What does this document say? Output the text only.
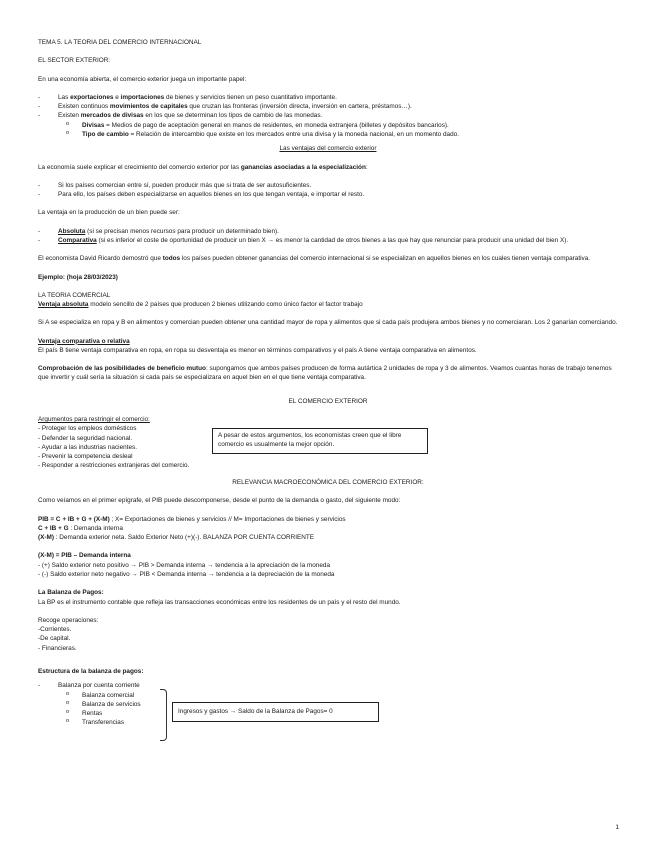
TEMA 5. LA TEORIA DEL COMERCIO INTERNACIONAL

EL SECTOR EXTERIOR:

En una economía abierta, el comercio exterior juega un importante papel:

- Las exportaciones e importaciones de bienes y servicios tienen un peso cuantitativo importante.
- Existen continuos movimientos de capitales que cruzan las fronteras (inversión directa, inversión en cartera, préstamos…).
- Existen mercados de divisas en los que se determinan los tipos de cambio de las monedas.
o Divisas = Medios de pago de aceptación general en manos de residentes, en moneda extranjera (billetes y depósitos bancarios).
o Tipo de cambio = Relación de intercambio que existe en los mercados entre una divisa y la moneda nacional, en un momento dado.

Las ventajas del comercio exterior

La economía suele explicar el crecimiento del comercio exterior por las ganancias asociadas a la especialización:

- Si los países comercian entre sí, pueden producir más que si trata de ser autosuficientes.
- Para ello, los países deben especializarse en aquellos bienes en los que tengan ventaja, e importar el resto.

La ventaja en la producción de un bien puede ser:

- Absoluta (si se precisan menos recursos para producir un determinado bien).
- Comparativa (si es inferior el coste de oportunidad de producir un bien X → es menor la cantidad de otros bienes a las que hay que renunciar para producir una unidad del bien X).

El economista David Ricardo demostró que todos los países pueden obtener ganancias del comercio internacional si se especializan en aquellos bienes en los cuales tienen ventaja comparativa.

Ejemplo: (hoja 28/03/2023)

LA TEORIA COMERCIAL

Ventaja absoluta modelo sencillo de 2 países que producen 2 bienes utilizando como único factor el factor trabajo

Si A se especializa en ropa y B en alimentos y comercian pueden obtener una cantidad mayor de ropa y alimentos que si cada país produjera ambos bienes y no comerciaran. Los 2 ganarían comerciando.

Ventaja comparativa o relativa

El país B tiene ventaja comparativa en ropa, en ropa su desventaja es menor en términos comparativos y el país A tiene ventaja comparativa en alimentos.

Comprobación de las posibilidades de beneficio mutuo: supongamos que ambos países producen de forma autártica 2 unidades de ropa y 3 de alimentos. Veamos cuantas horas de trabajo tenemos que invertir y cuál sería la situación si cada país se especializara en aquel bien en el que tiene ventaja comparativa.

EL COMERCIO EXTERIOR

Argumentos para restringir el comercio:

- Proteger los empleos domésticos

- Defender la seguridad nacional.

- Ayudar a las industrias nacientes.

- Prevenir la competencia desleal

- Responder a restricciones extranjeras del comercio.

A pesar de estos argumentos, los economistas creen que el libre comercio es usualmente la mejor opción.

RELEVANCIA MACROECONÓMICA DEL COMERCIO EXTERIOR:

Como veíamos en el primer epígrafe, el PIB puede descomponerse, desde el punto de la demanda o gasto, del siguiente modo:

PIB = C + IB + G + (X-M) ; X= Exportaciones de bienes y servicios // M= Importaciones de bienes y servicios

C + IB + G : Demanda interna

(X-M) : Demanda exterior neta. Saldo Exterior Neto (+)(-). BALANZA POR CUENTA CORRIENTE

(X-M) = PIB – Demanda interna

- (+) Saldo exterior neto positivo → PIB > Demanda interna → tendencia a la apreciación de la moneda

- (-) Saldo exterior neto negativo → PIB < Demanda interna → tendencia a la depreciación de la moneda

La Balanza de Pagos:

La BP es el instrumento contable que refleja las transacciones económicas entre los residentes de un país y el resto del mundo.

Recoge operaciones:

-Corrientes.

-De capital.

- Financieras.

Estructura de la balanza de pagos:

- Balanza por cuenta corriente
o Balanza comercial
o Balanza de servicios
o Rentas
o Transferencias
Ingresos y gastos → Saldo de la Balanza de Pagos= 0
1
